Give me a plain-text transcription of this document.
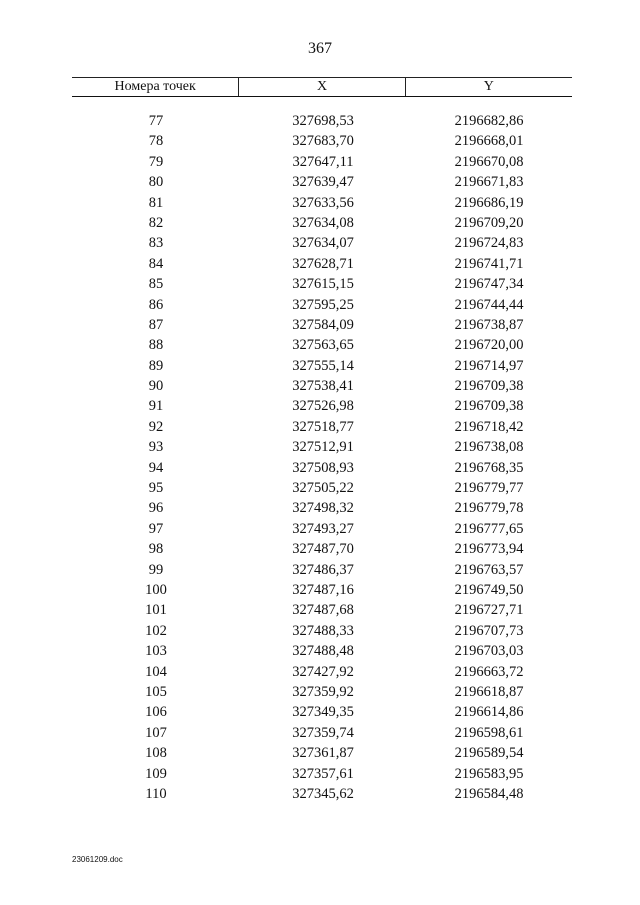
367
Номера точек	X	Y
77	327698,53	2196682,86
78	327683,70	2196668,01
79	327647,11	2196670,08
80	327639,47	2196671,83
81	327633,56	2196686,19
82	327634,08	2196709,20
83	327634,07	2196724,83
84	327628,71	2196741,71
85	327615,15	2196747,34
86	327595,25	2196744,44
87	327584,09	2196738,87
88	327563,65	2196720,00
89	327555,14	2196714,97
90	327538,41	2196709,38
91	327526,98	2196709,38
92	327518,77	2196718,42
93	327512,91	2196738,08
94	327508,93	2196768,35
95	327505,22	2196779,77
96	327498,32	2196779,78
97	327493,27	2196777,65
98	327487,70	2196773,94
99	327486,37	2196763,57
100	327487,16	2196749,50
101	327487,68	2196727,71
102	327488,33	2196707,73
103	327488,48	2196703,03
104	327427,92	2196663,72
105	327359,92	2196618,87
106	327349,35	2196614,86
107	327359,74	2196598,61
108	327361,87	2196589,54
109	327357,61	2196583,95
110	327345,62	2196584,48
23061209.doc
